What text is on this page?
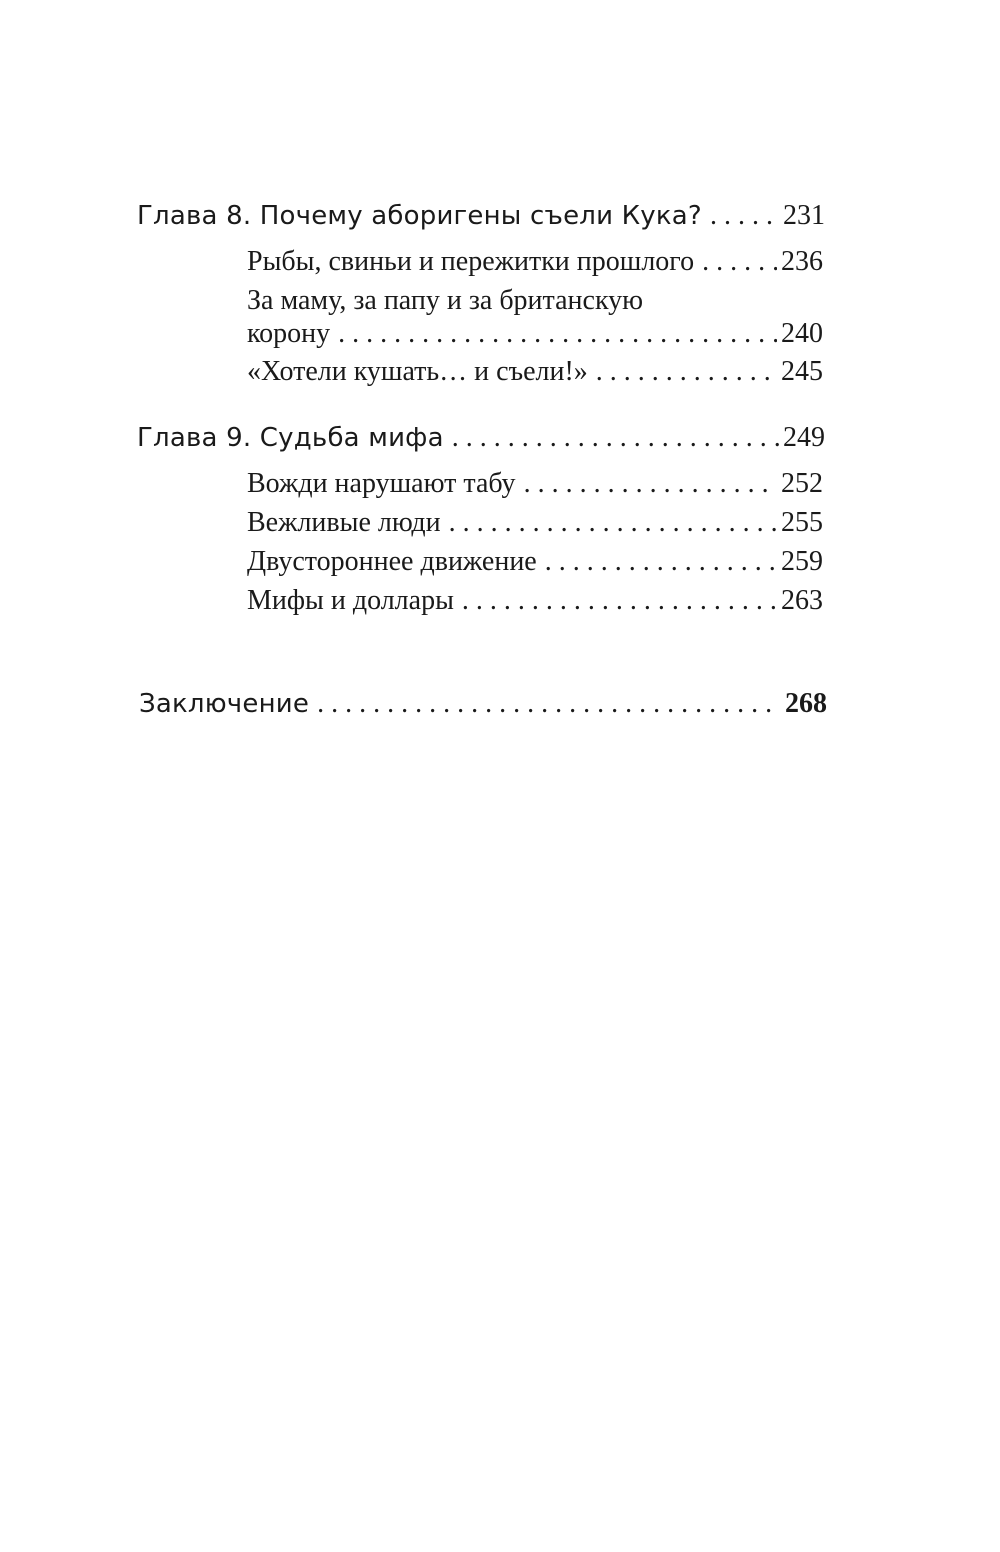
Глава 8. Почему аборигены съели Кука? . . .	231
Рыбы, свиньи и пережитки прошлого . . .	236
За маму, за папу и за британскую
корону . . .	240
«Хотели кушать… и съели!» . . .	245
Глава 9. Судьба мифа . . .	249
Вожди нарушают табу . . .	252
Вежливые люди . . .	255
Двустороннее движение . . .	259
Мифы и доллары . . .	263
Заключение . . .	268
